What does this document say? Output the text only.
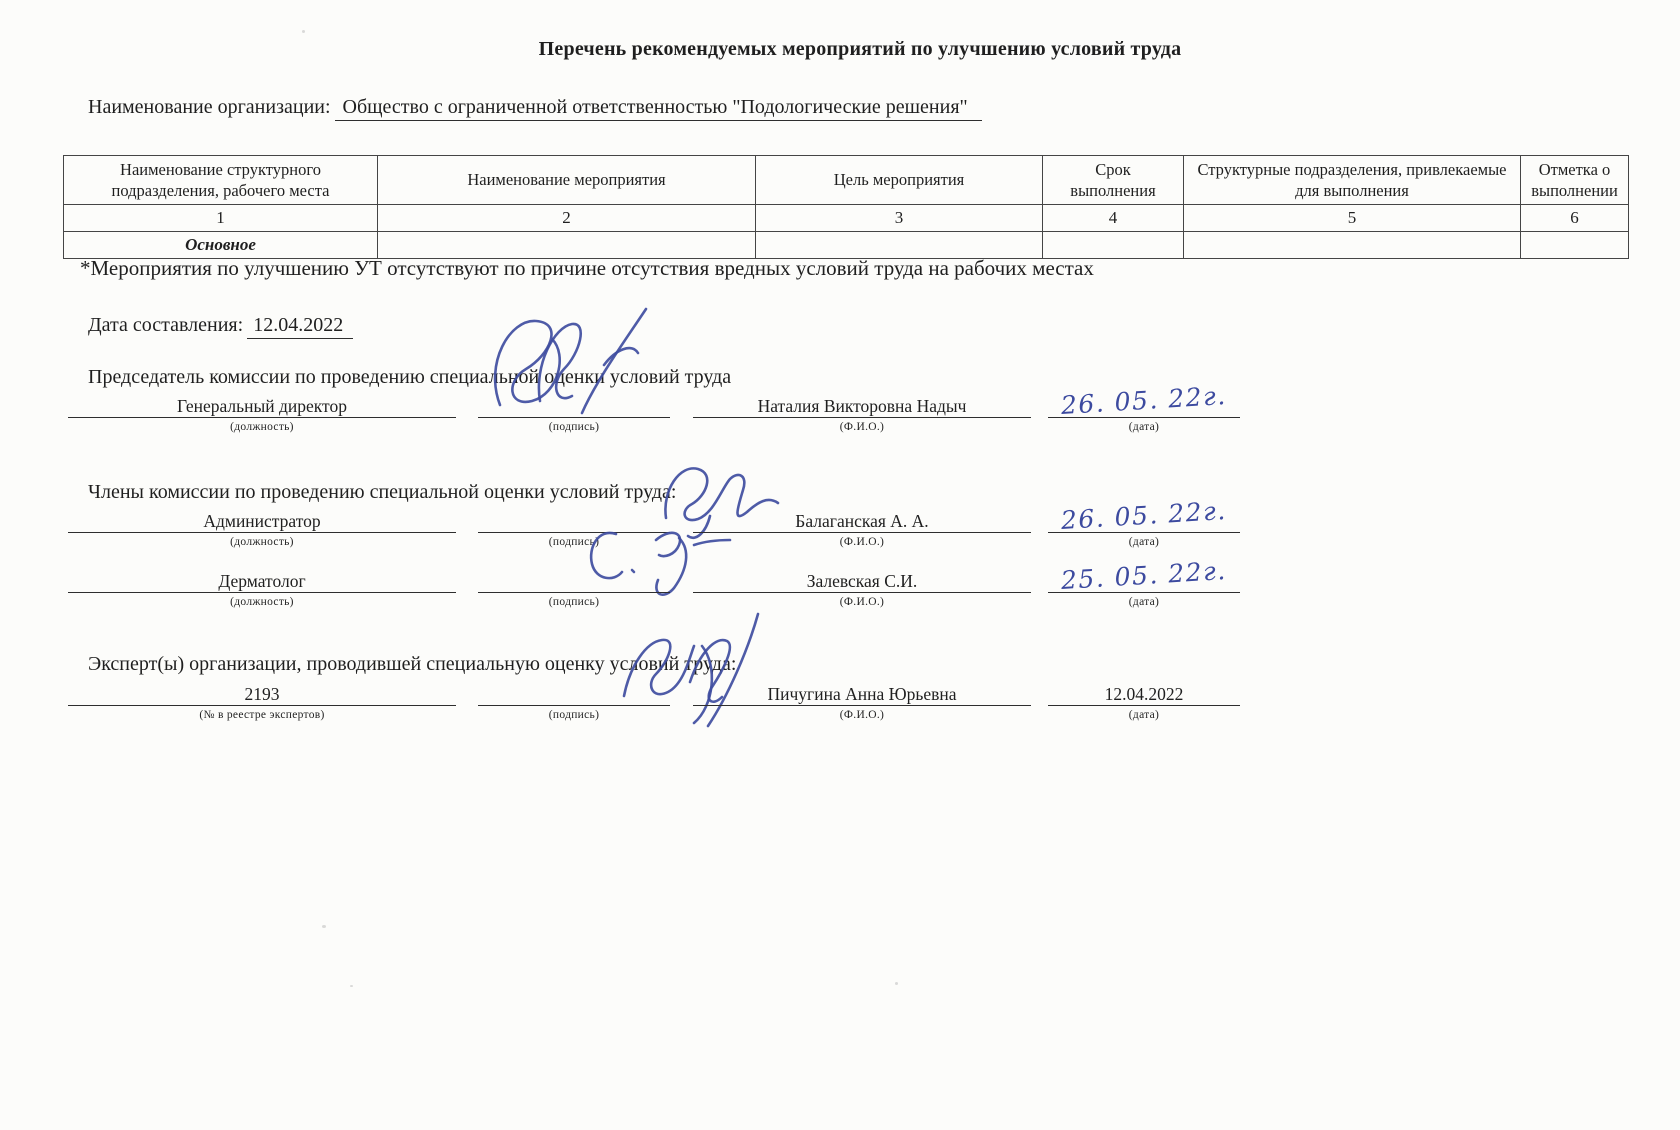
Перечень рекомендуемых мероприятий по улучшению условий труда
Наименование организации: Общество с ограниченной ответственностью "Подологические решения"
Наименование структурного подразделения, рабочего места	Наименование мероприятия	Цель мероприятия	Срок выполнения	Структурные подразделения, привлекаемые для выполнения	Отметка о выполнении
1	2	3	4	5	6
Основное					
*Мероприятия по улучшению УТ отсутствуют по причине отсутствия вредных условий труда на рабочих местах
Дата составления: 12.04.2022
Председатель комиссии по проведению специальной оценки условий труда
Генеральный директор
(должность)	(подпись)
Наталия Викторовна Надыч
(Ф.И.О.)
26. 05. 22г.
(дата)
Члены комиссии по проведению специальной оценки условий труда:
Администратор
(должность)	(подпись)
Балаганская А. А.
(Ф.И.О.)
26. 05. 22г.
(дата)
Дерматолог
(должность)	(подпись)
Залевская С.И.
(Ф.И.О.)
25. 05. 22г.
(дата)
Эксперт(ы) организации, проводившей специальную оценку условий труда:
2193
(№ в реестре экспертов)	(подпись)
Пичугина Анна Юрьевна
(Ф.И.О.)
12.04.2022
(дата)
